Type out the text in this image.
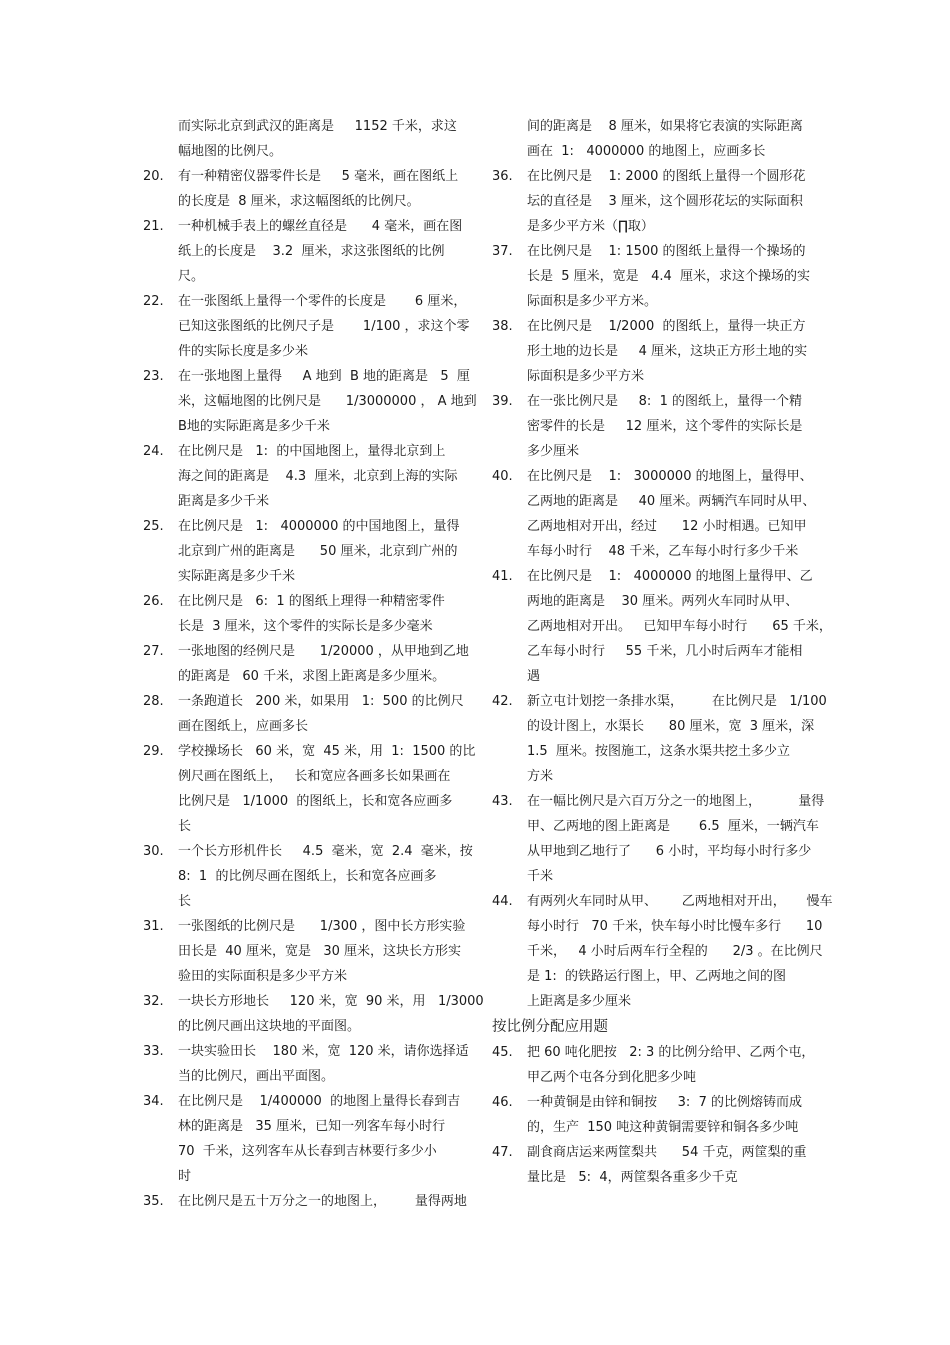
而实际北京到武汉的距离是     1152 千米，求这
幅地图的比例尺。
20. 有一种精密仪器零件长是     5 毫米，画在图纸上
的长度是  8 厘米，求这幅图纸的比例尺。
21. 一种机械手表上的螺丝直径是      4 毫米，画在图
纸上的长度是    3.2  厘米，求这张图纸的比例
尺。
22. 在一张图纸上量得一个零件的长度是       6 厘米，
已知这张图纸的比例尺子是       1/100 ，求这个零
件的实际长度是多少米
23. 在一张地图上量得     A 地到  B 地的距离是   5  厘
米，这幅地图的比例尺是      1/3000000 ， A 地到
B地的实际距离是多少千米
24. 在比例尺是   1:  的中国地图上，量得北京到上
海之间的距离是    4.3  厘米，北京到上海的实际
距离是多少千米
25. 在比例尺是   1:   4000000 的中国地图上，量得
北京到广州的距离是      50 厘米，北京到广州的
实际距离是多少千米
26. 在比例尺是   6:  1 的图纸上理得一种精密零件
长是  3 厘米，这个零件的实际长是多少毫米
27. 一张地图的经例尺是      1/20000 ，从甲地到乙地
的距离是   60 千米，求图上距离是多少厘米。
28. 一条跑道长   200 米，如果用   1:  500 的比例尺
画在图纸上，应画多长
29. 学校操场长   60 米，宽  45 米，用  1:  1500 的比
例尺画在图纸上，   长和宽应各画多长如果画在
比例尺是   1/1000  的图纸上，长和宽各应画多
长
30. 一个长方形机件长     4.5  毫米，宽  2.4  毫米，按
8:  1  的比例尽画在图纸上，长和宽各应画多
长
31. 一张图纸的比例尺是      1/300 ，图中长方形实验
田长是  40 厘米，宽是   30 厘米，这块长方形实
验田的实际面积是多少平方米
32. 一块长方形地长     120 米，宽  90 米，用   1/3000
的比例尺画出这块地的平面图。
33. 一块实验田长    180 米，宽  120 米，请你选择适
当的比例尺，画出平面图。
34. 在比例尺是    1/400000  的地图上量得长春到吉
林的距离是   35 厘米，已知一列客车每小时行
70  千米，这列客车从长春到吉林要行多少小
时
35. 在比例尺是五十万分之一的地图上，       量得两地
间的距离是    8 厘米，如果将它表演的实际距离
画在  1:   4000000 的地图上，应画多长
36. 在比例尺是    1: 2000 的图纸上量得一个圆形花
坛的直径是    3 厘米，这个圆形花坛的实际面积
是多少平方米（∏取）
37. 在比例尺是    1: 1500 的图纸上量得一个操场的
长是  5 厘米，宽是   4.4  厘米，求这个操场的实
际面积是多少平方米。
38. 在比例尺是    1/2000  的图纸上，量得一块正方
形土地的边长是     4 厘米，这块正方形土地的实
际面积是多少平方米
39. 在一张比例尺是     8:  1 的图纸上，量得一个精
密零件的长是     12 厘米，这个零件的实际长是
多少厘米
40. 在比例尺是    1:   3000000 的地图上，量得甲、
乙两地的距离是     40 厘米。两辆汽车同时从甲、
乙两地相对开出，经过      12 小时相遇。已知甲
车每小时行    48 千米，乙车每小时行多少千米
41. 在比例尺是    1:   4000000 的地图上量得甲、乙
两地的距离是    30 厘米。两列火车同时从甲、
乙两地相对开出。   已知甲车每小时行      65 千米，
乙车每小时行     55 千米，几小时后两车才能相
遇
42. 新立屯计划挖一条排水渠，       在比例尺是   1/100
的设计图上，水渠长      80 厘米，宽  3 厘米，深
1.5  厘米。按图施工，这条水渠共挖土多少立
方米
43. 在一幅比例尺是六百万分之一的地图上，         量得
甲、乙两地的图上距离是       6.5  厘米，一辆汽车
从甲地到乙地行了      6 小时，平均每小时行多少
千米
44. 有两列火车同时从甲、      乙两地相对开出，     慢车
每小时行   70 千米，快车每小时比慢车多行      10
千米，   4 小时后两车行全程的      2/3 。在比例尺
是 1:  的铁路运行图上，甲、乙两地之间的图
上距离是多少厘米
按比例分配应用题
45. 把 60 吨化肥按   2: 3 的比例分给甲、乙两个屯，
甲乙两个屯各分到化肥多少吨
46. 一种黄铜是由锌和铜按     3:  7 的比例熔铸而成
的，生产  150 吨这种黄铜需要锌和铜各多少吨
47. 副食商店运来两筐梨共      54 千克，两筐梨的重
量比是   5:  4，两筐梨各重多少千克
